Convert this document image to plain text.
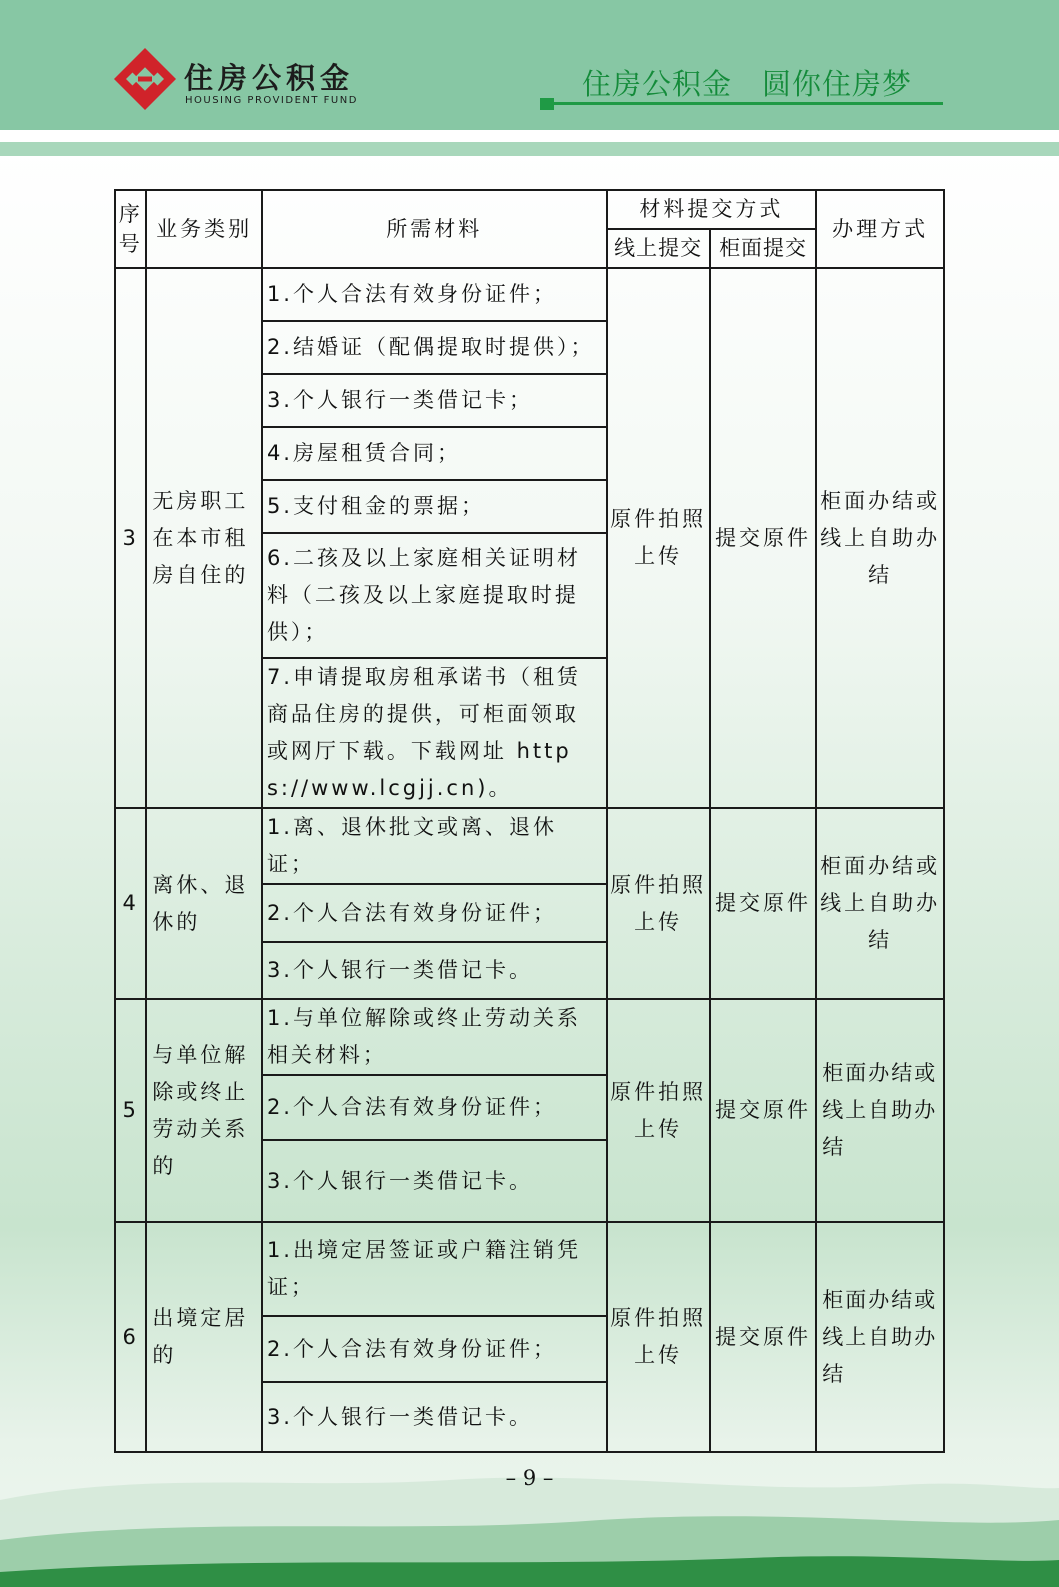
住房公积金
HOUSING PROVIDENT FUND	住房公积金　圆你住房梦
序号	业务类别	所需材料	材料提交方式		办理方式
			线上提交	柜面提交	
3	无房职工在本市租房自住的	1.个人合法有效身份证件；	原件拍照上传	提交原件	柜面办结或线上自助办结
		2.结婚证（配偶提取时提供）；			
		3.个人银行一类借记卡；			
		4.房屋租赁合同；			
		5.支付租金的票据；			
		6.二孩及以上家庭相关证明材料（二孩及以上家庭提取时提供）；			
		7.申请提取房租承诺书（租赁商品住房的提供，可柜面领取或网厅下载。下载网址 https://www.lcgjj.cn)。			
4	离休、退休的	1.离、退休批文或离、退休证；	原件拍照上传	提交原件	柜面办结或线上自助办结
		2.个人合法有效身份证件；			
		3.个人银行一类借记卡。			
5	与单位解除或终止劳动关系的	1.与单位解除或终止劳动关系相关材料；	原件拍照上传	提交原件	柜面办结或线上自助办结
		2.个人合法有效身份证件；			
		3.个人银行一类借记卡。			
6	出境定居的	1.出境定居签证或户籍注销凭证；	原件拍照上传	提交原件	柜面办结或线上自助办结
		2.个人合法有效身份证件；			
		3.个人银行一类借记卡。			
– 9 –
